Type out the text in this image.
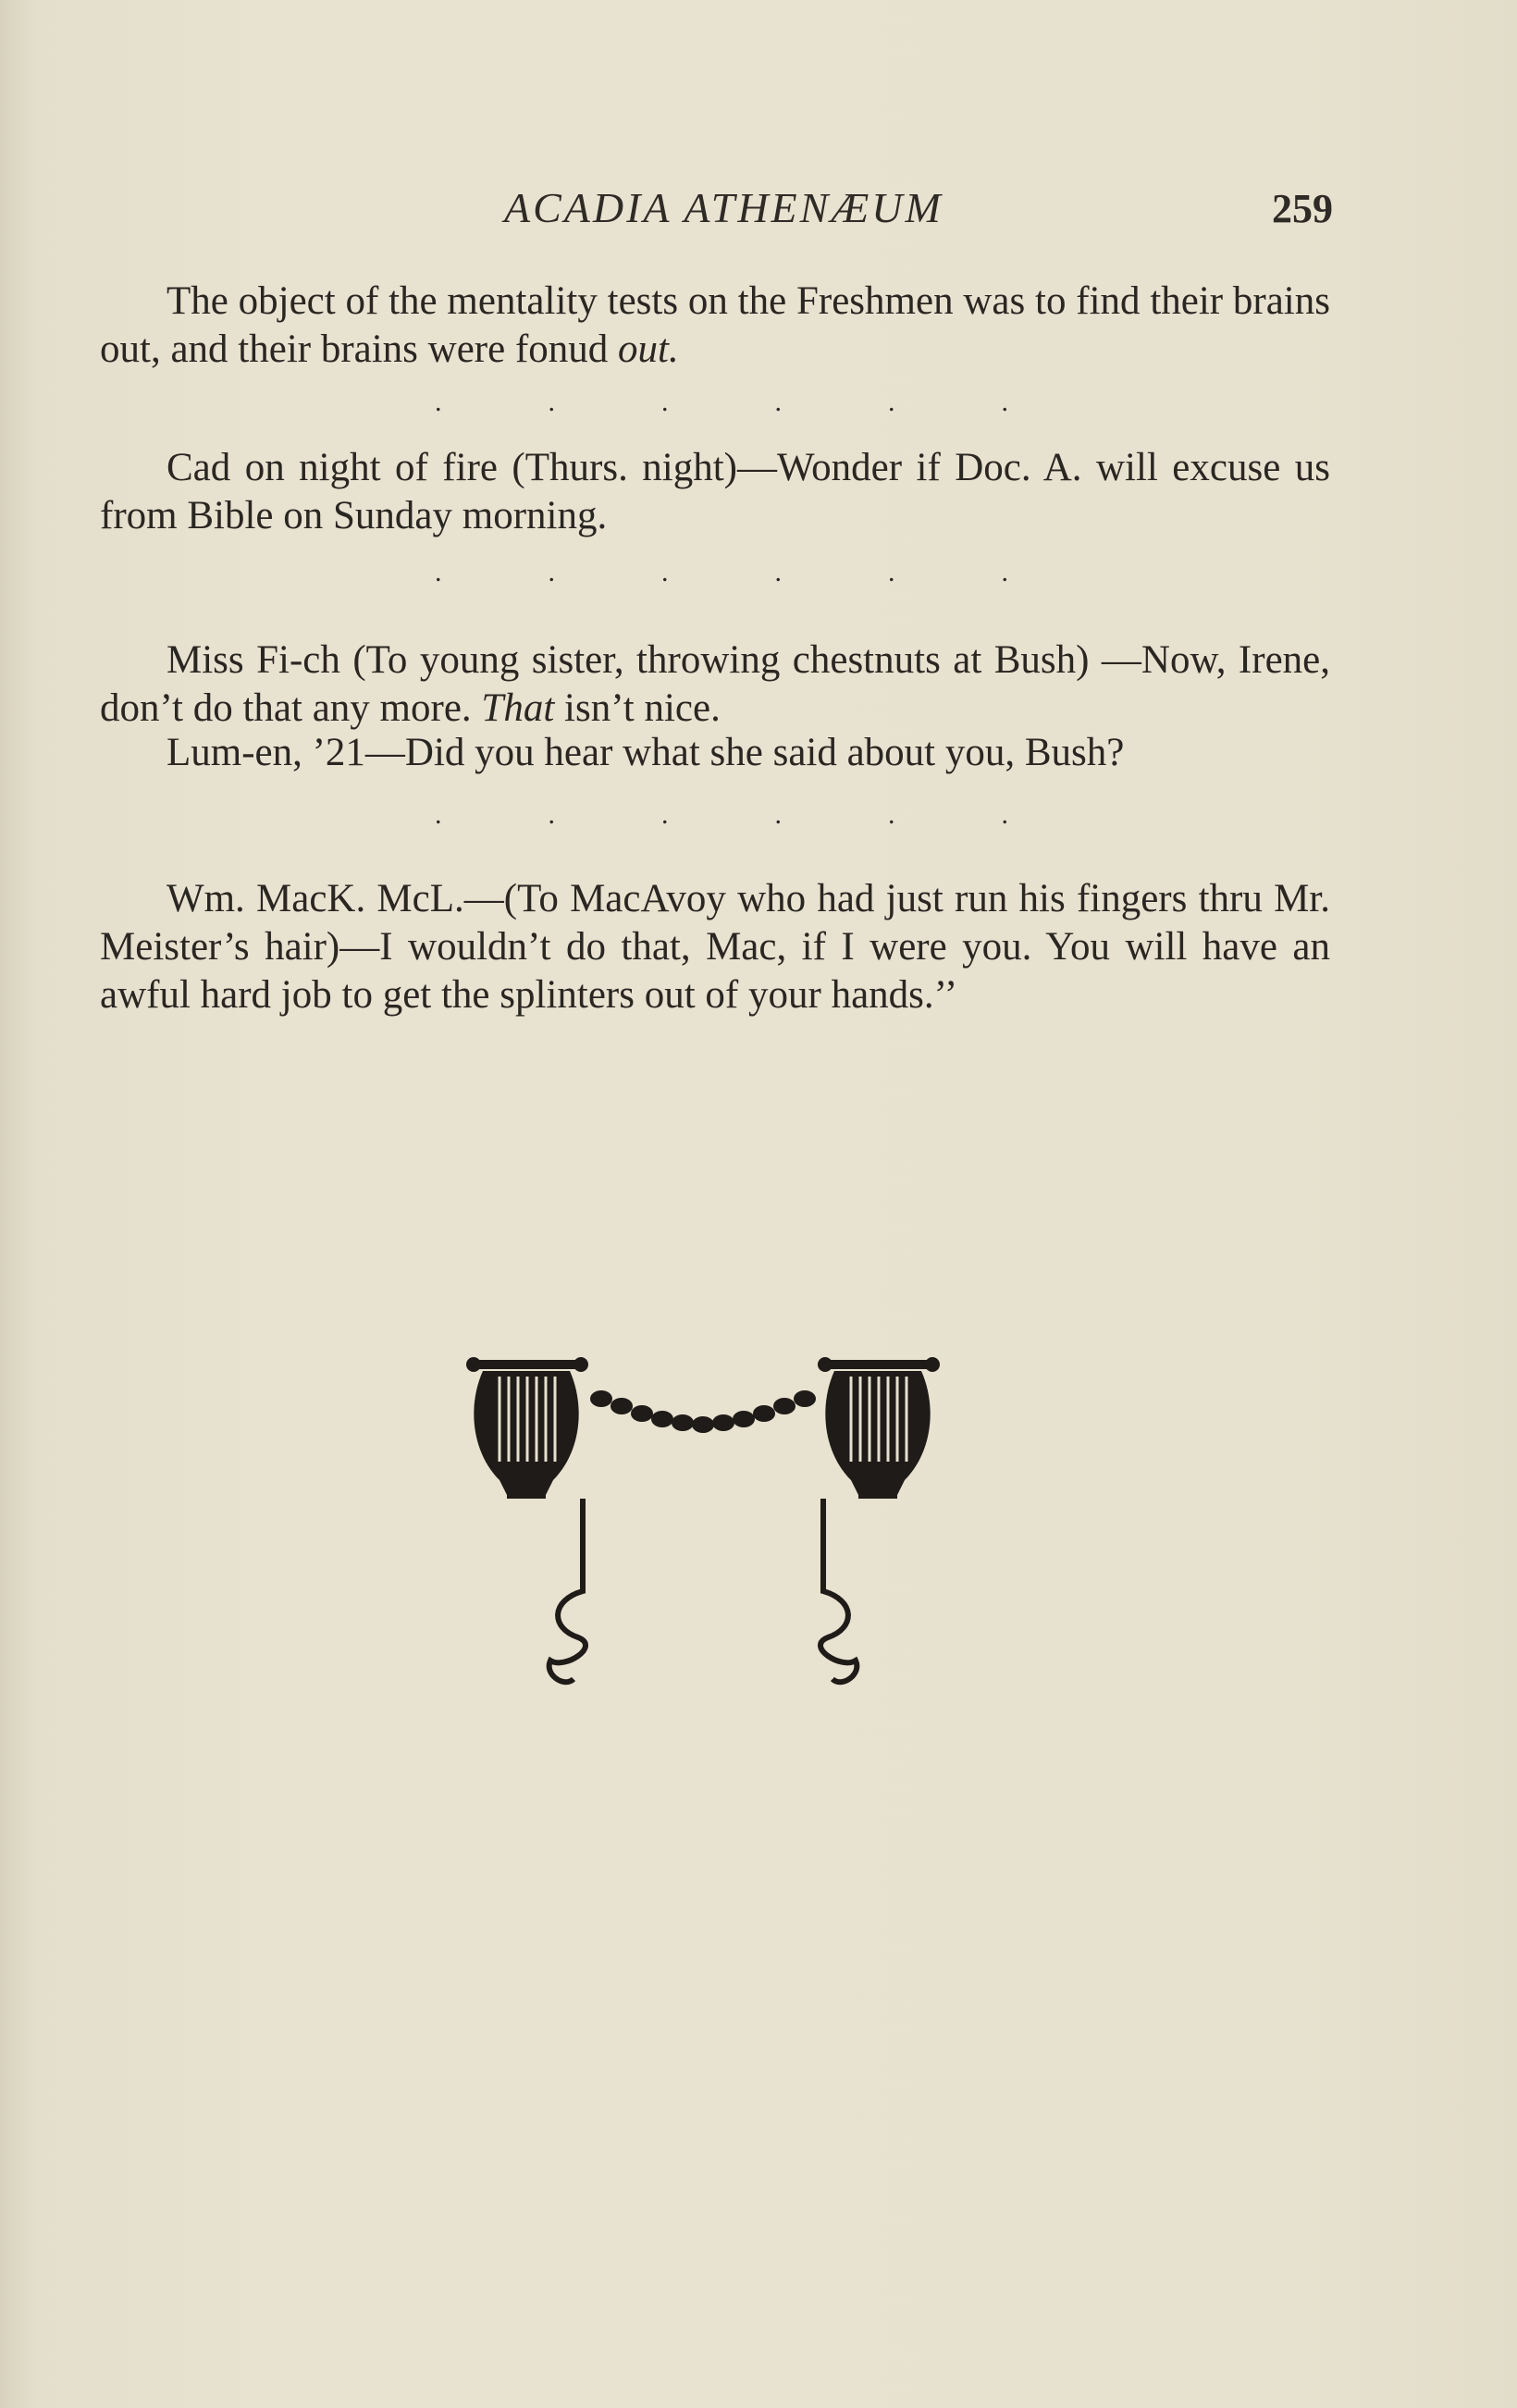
ACADIA ATHENÆUM	259

The object of the mentality tests on the Freshmen was to find their brains out, and their brains were fonud out.

.	.	.	.	.	.

Cad on night of fire (Thurs. night)—Wonder if Doc. A. will excuse us from Bible on Sunday morning.

.	.	.	.	.	.

Miss Fi-ch (To young sister, throwing chestnuts at Bush) —Now, Irene, don’t do that any more. That isn’t nice.

Lum-en, ’21—Did you hear what she said about you, Bush?

.	.	.	.	.	.

Wm. MacK. McL.—(To MacAvoy who had just run his fingers thru Mr. Meister’s hair)—I wouldn’t do that, Mac, if I were you. You will have an awful hard job to get the splinters out of your hands.’’
